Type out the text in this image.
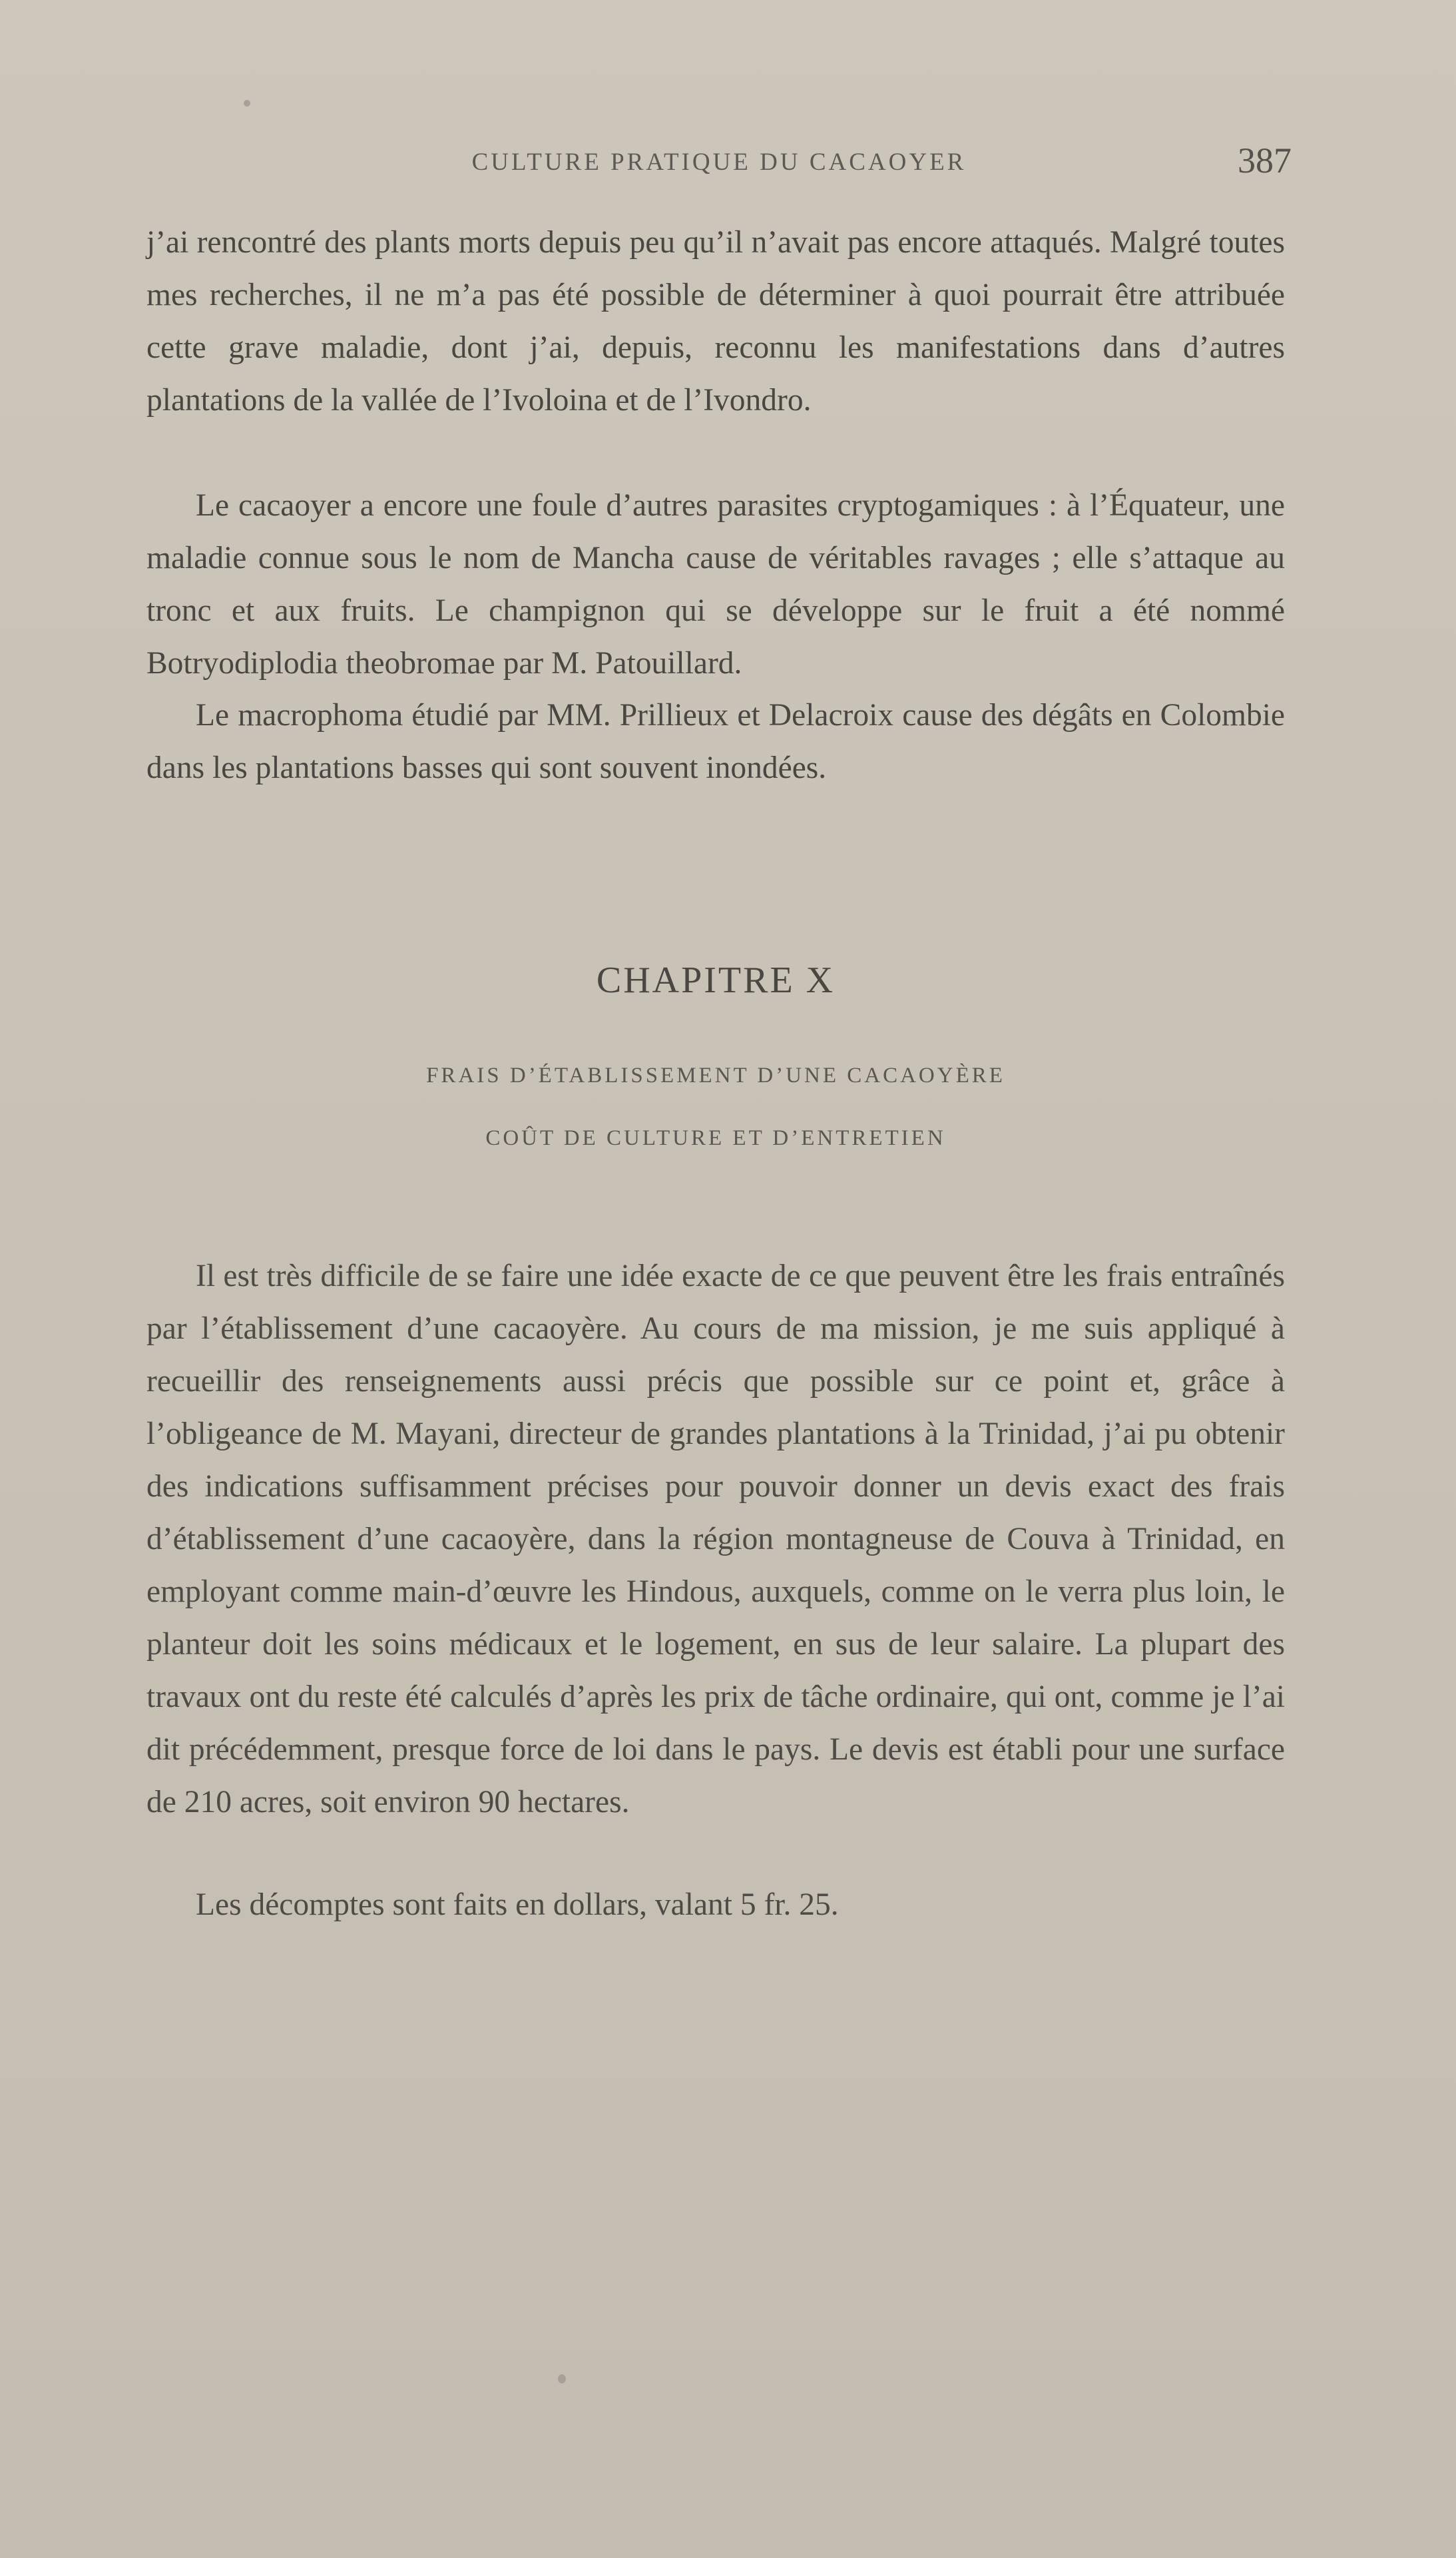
CULTURE PRATIQUE DU CACAOYER	387

j’ai rencontré des plants morts depuis peu qu’il n’avait pas encore attaqués. Malgré toutes mes recherches, il ne m’a pas été possible de déterminer à quoi pourrait être attribuée cette grave maladie, dont j’ai, depuis, reconnu les manifestations dans d’autres plantations de la vallée de l’Ivoloina et de l’Ivondro.

Le cacaoyer a encore une foule d’autres parasites cryptogamiques : à l’Équateur, une maladie connue sous le nom de Mancha cause de véritables ravages ; elle s’attaque au tronc et aux fruits. Le champignon qui se développe sur le fruit a été nommé Botryodiplodia theobromae par M. Patouillard.

Le macrophoma étudié par MM. Prillieux et Delacroix cause des dégâts en Colombie dans les plantations basses qui sont souvent inondées.

CHAPITRE X
FRAIS D’ÉTABLISSEMENT D’UNE CACAOYÈRE
COÛT DE CULTURE ET D’ENTRETIEN

Il est très difficile de se faire une idée exacte de ce que peuvent être les frais entraînés par l’établissement d’une cacaoyère. Au cours de ma mission, je me suis appliqué à recueillir des renseignements aussi précis que possible sur ce point et, grâce à l’obligeance de M. Mayani, directeur de grandes plantations à la Trinidad, j’ai pu obtenir des indications suffisamment précises pour pouvoir donner un devis exact des frais d’établissement d’une cacaoyère, dans la région montagneuse de Couva à Trinidad, en employant comme main-d’œuvre les Hindous, auxquels, comme on le verra plus loin, le planteur doit les soins médicaux et le logement, en sus de leur salaire. La plupart des travaux ont du reste été calculés d’après les prix de tâche ordinaire, qui ont, comme je l’ai dit précédemment, presque force de loi dans le pays. Le devis est établi pour une surface de 210 acres, soit environ 90 hectares.

Les décomptes sont faits en dollars, valant 5 fr. 25.
